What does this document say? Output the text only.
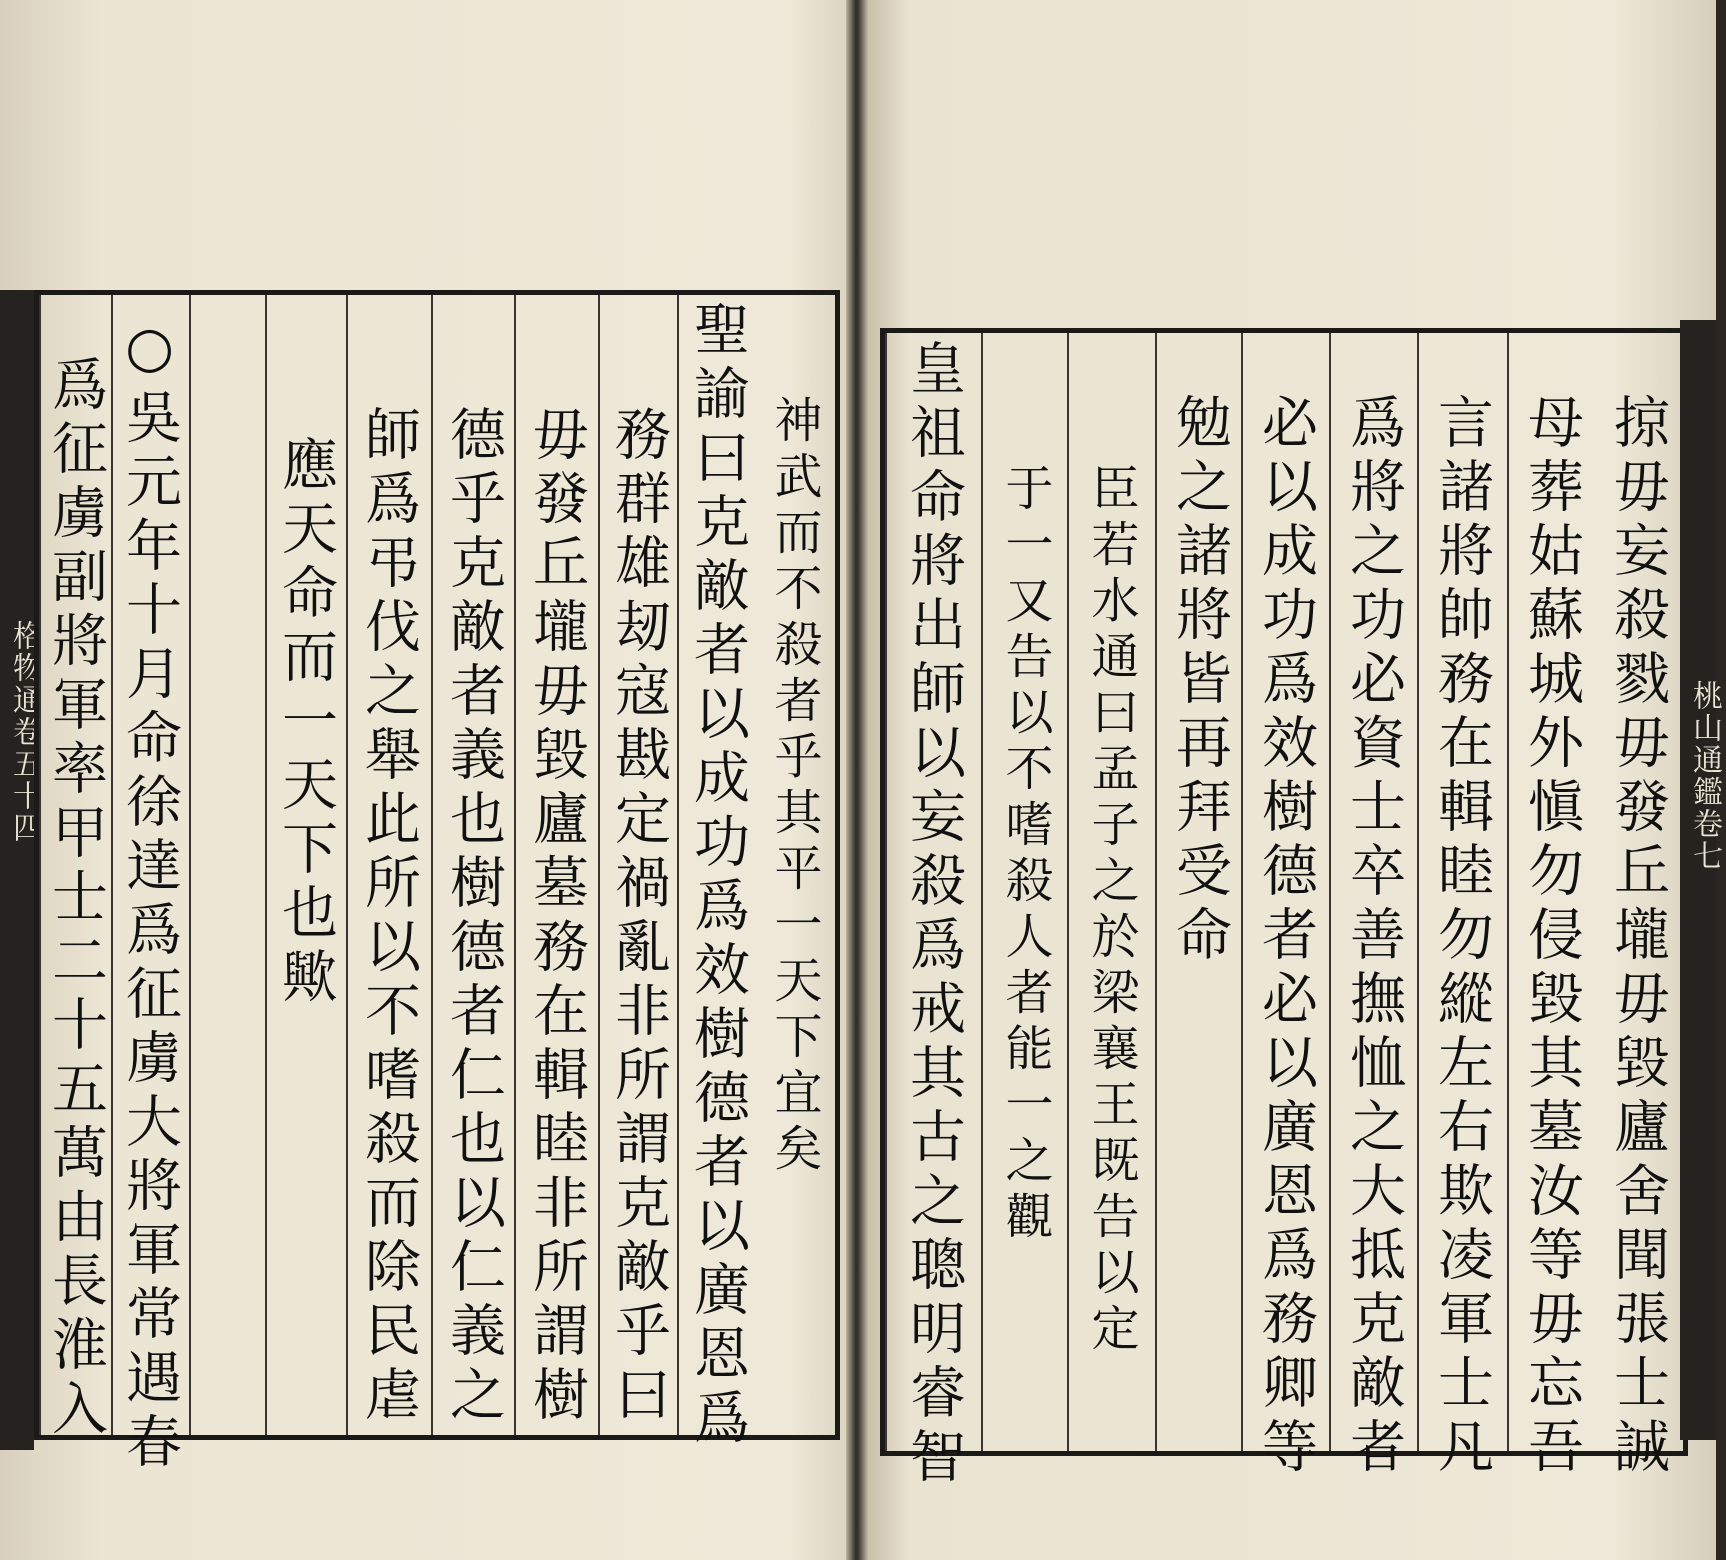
格物通卷五十四	神武而不殺者乎其平一天下宜矣
聖諭曰克敵者以成功爲效樹德者以廣恩爲
務群雄刼寇戡定禍亂非所謂克敵乎曰
毋發丘壠毋毀廬墓務在輯睦非所謂樹
德乎克敵者義也樹德者仁也以仁義之
師爲弔伐之舉此所以不嗜殺而除民虐
應天命而一天下也歟
○吳元年十月命徐達爲征虜大將軍常遇春
爲征虜副將軍率甲士二十五萬由長淮入	掠毋妄殺戮毋發丘壠毋毀廬舍聞張士誠
母葬姑蘇城外愼勿侵毀其墓汝等毋忘吾
言諸將帥務在輯睦勿縱左右欺凌軍士凡
爲將之功必資士卒善撫恤之大抵克敵者
必以成功爲效樹德者必以廣恩爲務卿等
勉之諸將皆再拜受命
臣若水通曰孟子之於梁襄王既告以定
于一又告以不嗜殺人者能一之觀
皇祖命將出師以妄殺爲戒其古之聰明睿智	桃山通鑑卷七
